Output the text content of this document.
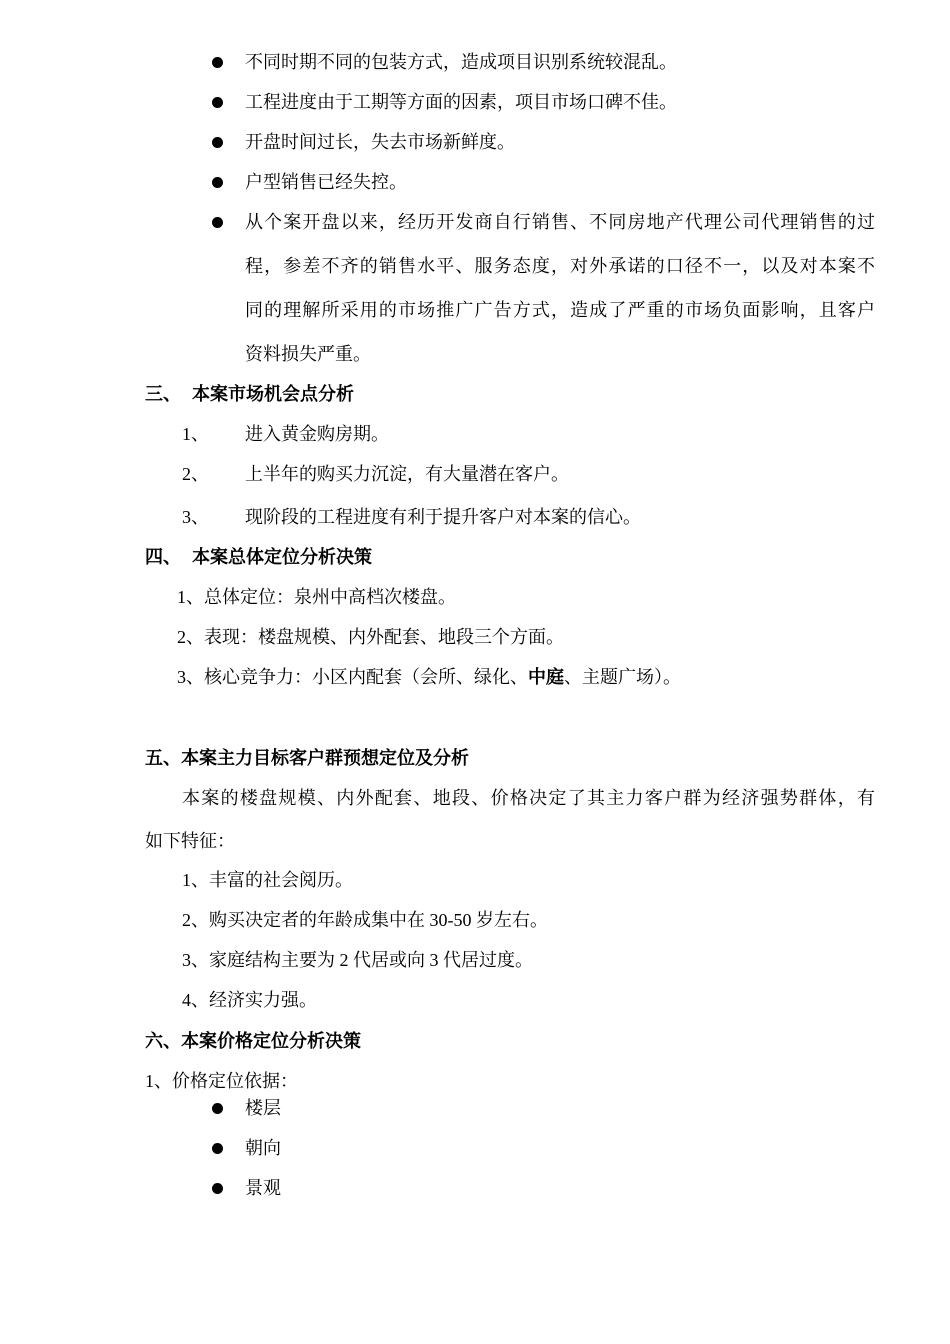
不同时期不同的包装方式，造成项目识别系统较混乱。
工程进度由于工期等方面的因素，项目市场口碑不佳。
开盘时间过长，失去市场新鲜度。
户型销售已经失控。
从个案开盘以来，经历开发商自行销售、不同房地产代理公司代理销售的过
程，参差不齐的销售水平、服务态度，对外承诺的口径不一，以及对本案不
同的理解所采用的市场推广广告方式，造成了严重的市场负面影响，且客户
资料损失严重。
三、 本案市场机会点分析
1、 进入黄金购房期。
2、 上半年的购买力沉淀，有大量潜在客户。
3、 现阶段的工程进度有利于提升客户对本案的信心。
四、 本案总体定位分析决策
1、总体定位：泉州中高档次楼盘。
2、表现：楼盘规模、内外配套、地段三个方面。
3、核心竞争力：小区内配套（会所、绿化、中庭、主题广场）。
五、本案主力目标客户群预想定位及分析
本案的楼盘规模、内外配套、地段、价格决定了其主力客户群为经济强势群体，有
如下特征：
1、丰富的社会阅历。
2、购买决定者的年龄成集中在 30-50 岁左右。
3、家庭结构主要为 2 代居或向 3 代居过度。
4、经济实力强。
六、本案价格定位分析决策
1、价格定位依据：
楼层
朝向
景观
